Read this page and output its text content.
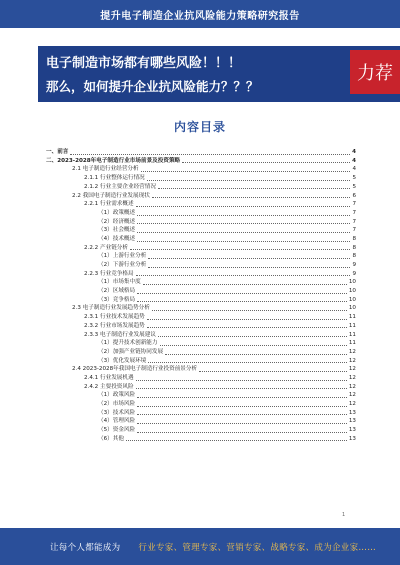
提升电子制造企业抗风险能力策略研究报告
电子制造市场都有哪些风险！！！
那么，如何提升企业抗风险能力？？？
力荐
内容目录
一、前言	4
二、2023-2028年电子制造行业市场前景及投资策略	4
2.1 电子制造行业经营分析	4
2.1.1 行业整体运行情况	5
2.1.2 行业主要企业经营情况	5
2.2 我国电子制造行业发展现状	6
2.2.1 行业需求概述	7
（1）政策概述	7
（2）经济概述	7
（3）社会概述	7
（4）技术概述	8
2.2.2 产业链分析	8
（1）上游行业分析	8
（2）下游行业分析	9
2.2.3 行业竞争格局	9
（1）市场集中度	10
（2）区域格局	10
（3）竞争格局	10
2.3 电子制造行业发展趋势分析	10
2.3.1 行业技术发展趋势	11
2.3.2 行业市场发展趋势	11
2.3.3 电子制造行业发展建议	11
（1）提升技术创新能力	11
（2）加强产业链协同发展	12
（3）优化发展环境	12
2.4 2023-2028年我国电子制造行业投资前景分析	12
2.4.1 行业发展机遇	12
2.4.2 主要投资风险	12
（1）政策风险	12
（2）市场风险	12
（3）技术风险	13
（4）管理风险	13
（5）资金风险	13
（6）其他	13
1
让每个人都能成为 行业专家、管理专家、营销专家、战略专家、成为企业家……
